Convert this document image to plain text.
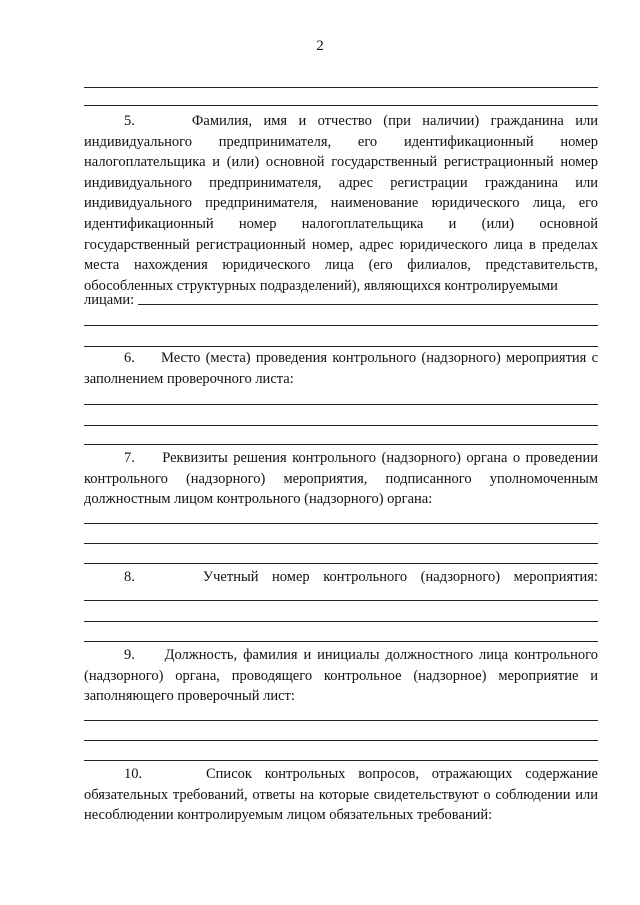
2
5.	Фамилия, имя и отчество (при наличии) гражданина или индивидуального предпринимателя, его идентификационный номер налогоплательщика и (или) основной государственный регистрационный номер индивидуального предпринимателя, адрес регистрации гражданина или индивидуального предпринимателя, наименование юридического лица, его идентификационный номер налогоплательщика и (или) основной государственный регистрационный номер, адрес юридического лица в пределах места нахождения юридического лица (его филиалов, представительств, обособленных структурных подразделений), являющихся контролируемыми
лицами:
6. Место (места) проведения контрольного (надзорного) мероприятия с заполнением проверочного листа:
7. Реквизиты решения контрольного (надзорного) органа о проведении контрольного (надзорного) мероприятия, подписанного уполномоченным должностным лицом контрольного (надзорного) органа:
8.	Учетный номер контрольного (надзорного) мероприятия:
9. Должность, фамилия и инициалы должностного лица контрольного (надзорного) органа, проводящего контрольное (надзорное) мероприятие и заполняющего проверочный лист:
10.	Список контрольных вопросов, отражающих содержание обязательных требований, ответы на которые свидетельствуют о соблюдении или несоблюдении контролируемым лицом обязательных требований:
